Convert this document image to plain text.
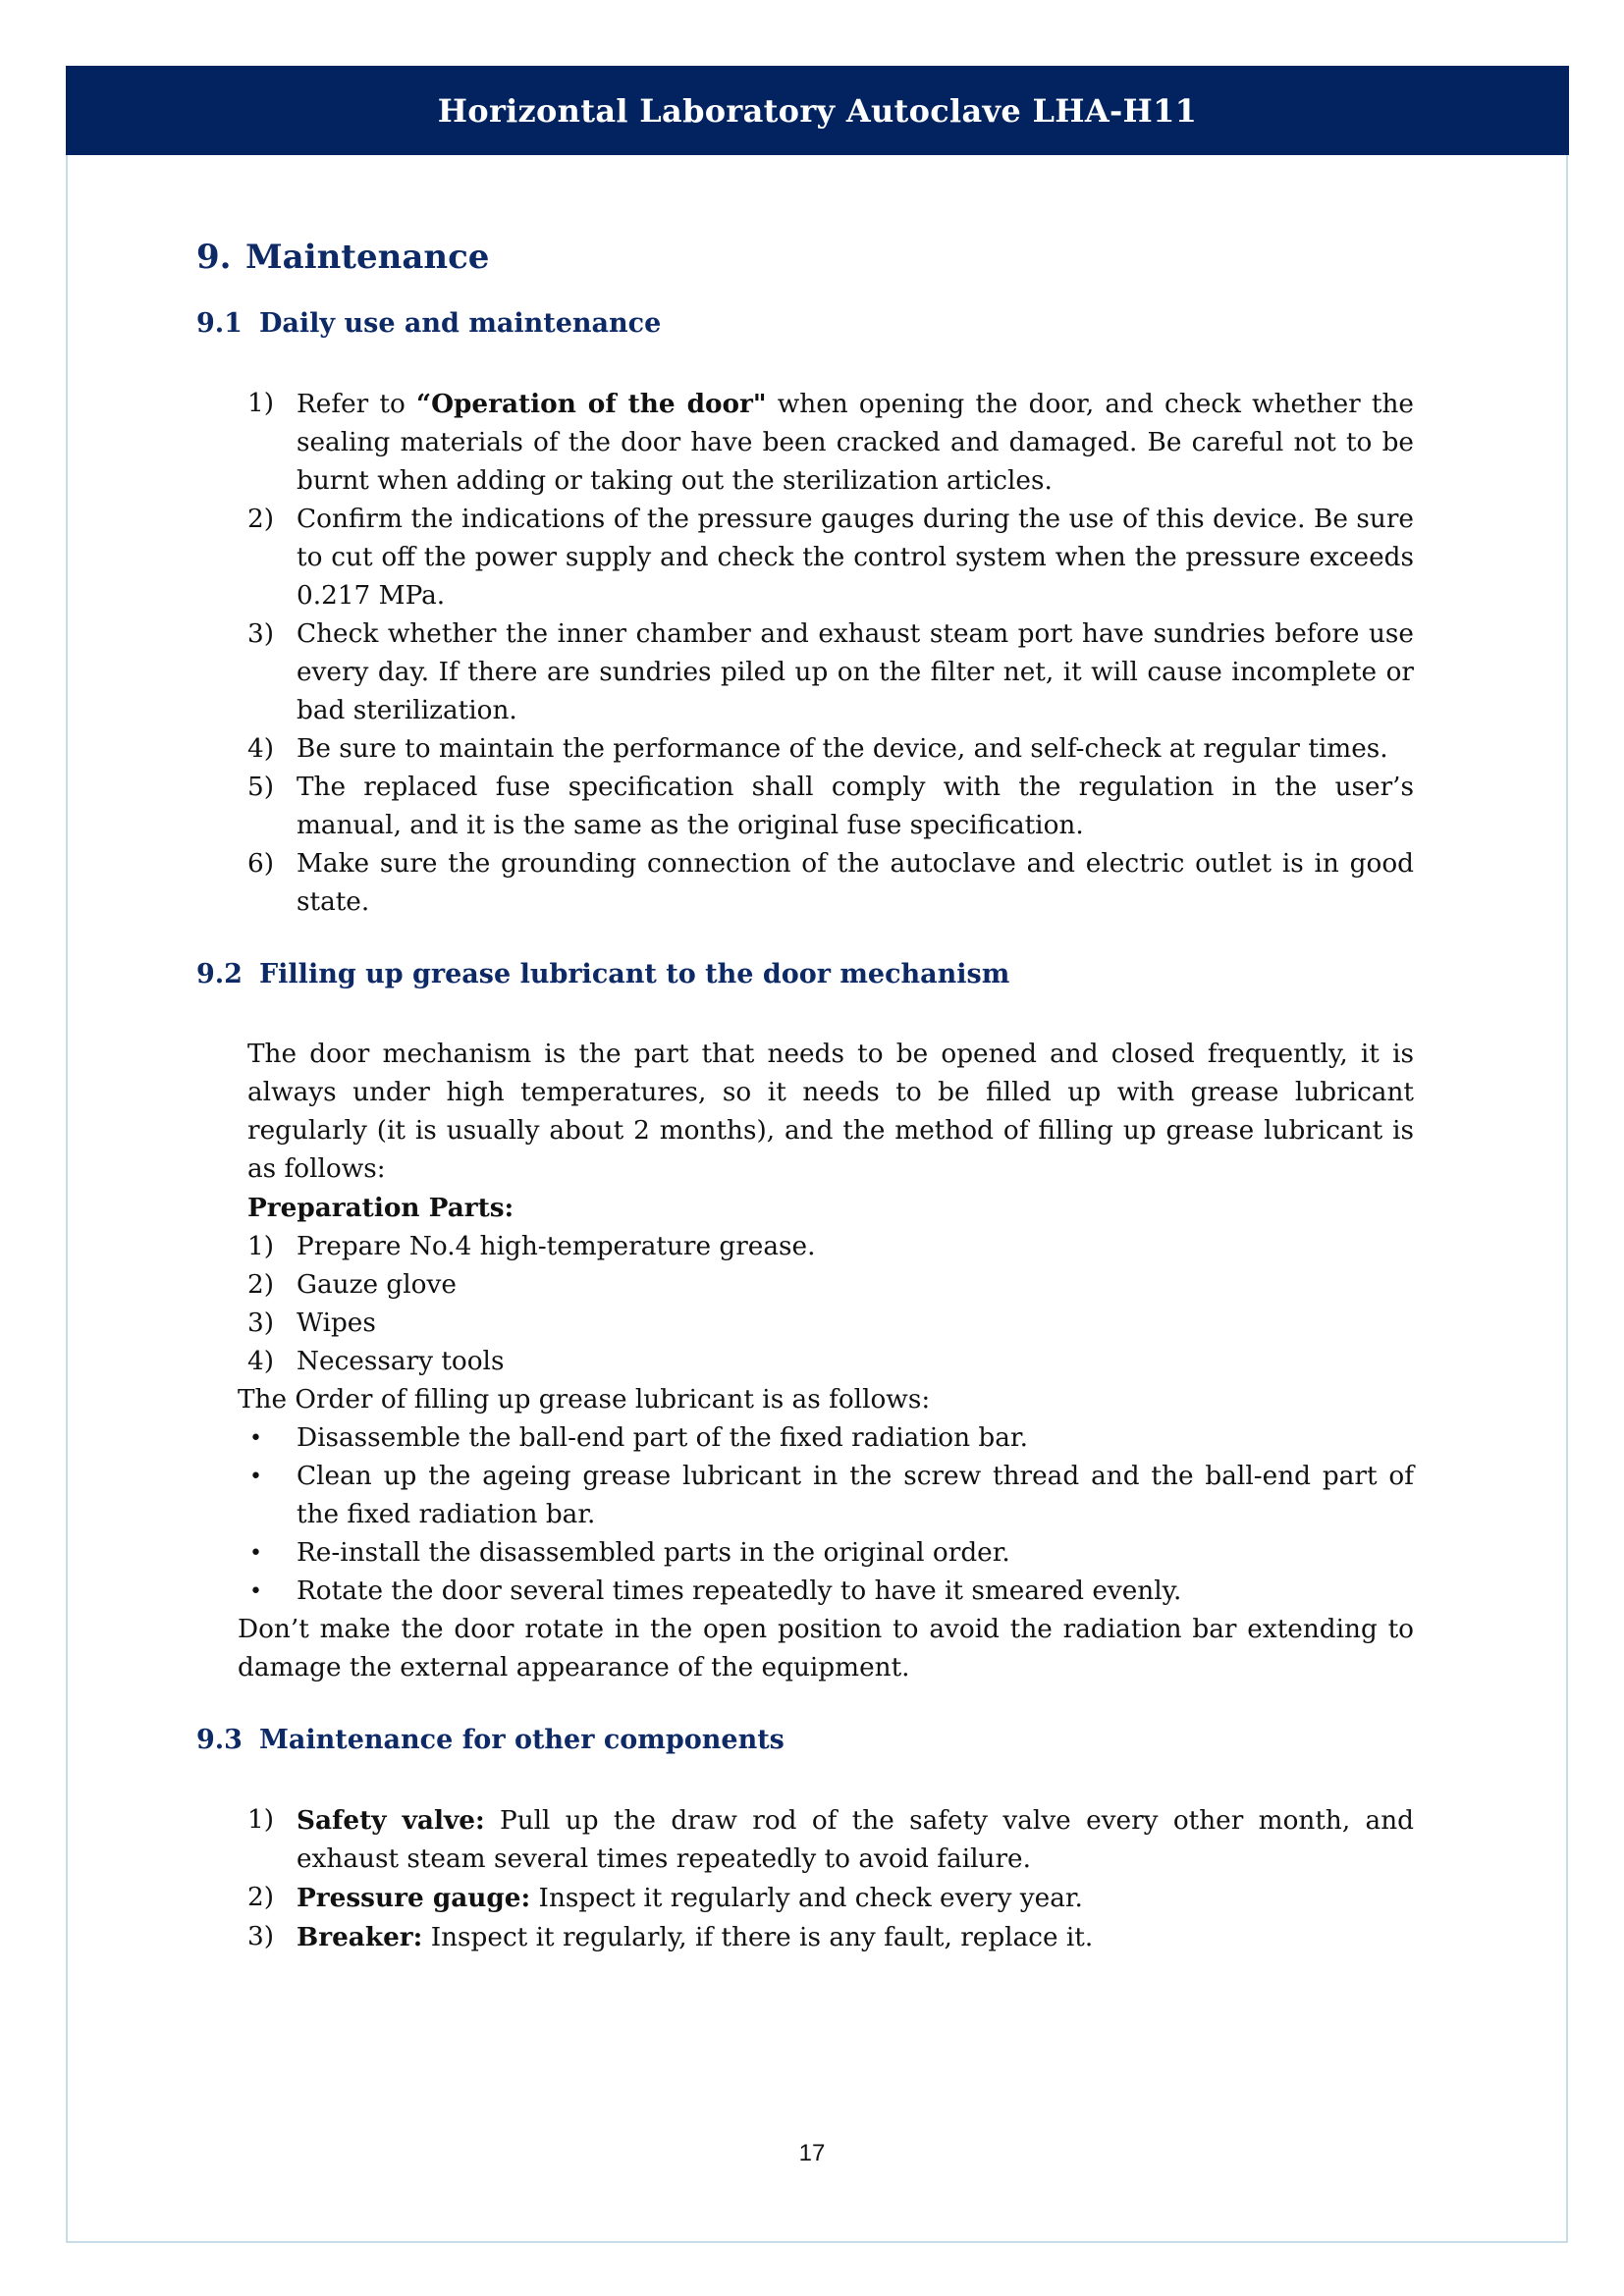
Horizontal Laboratory Autoclave LHA-H11
9. Maintenance
9.1 Daily use and maintenance
1) Refer to “Operation of the door" when opening the door, and check whether the sealing materials of the door have been cracked and damaged. Be careful not to be burnt when adding or taking out the sterilization articles.
2) Confirm the indications of the pressure gauges during the use of this device. Be sure to cut off the power supply and check the control system when the pressure exceeds 0.217 MPa.
3) Check whether the inner chamber and exhaust steam port have sundries before use every day. If there are sundries piled up on the filter net, it will cause incomplete or bad sterilization.
4) Be sure to maintain the performance of the device, and self-check at regular times.
5) The replaced fuse specification shall comply with the regulation in the user’s manual, and it is the same as the original fuse specification.
6) Make sure the grounding connection of the autoclave and electric outlet is in good state.
9.2 Filling up grease lubricant to the door mechanism
The door mechanism is the part that needs to be opened and closed frequently, it is always under high temperatures, so it needs to be filled up with grease lubricant regularly (it is usually about 2 months), and the method of filling up grease lubricant is as follows:
Preparation Parts:
1) Prepare No.4 high-temperature grease.
2) Gauze glove
3) Wipes
4) Necessary tools
The Order of filling up grease lubricant is as follows:
• Disassemble the ball-end part of the fixed radiation bar.
• Clean up the ageing grease lubricant in the screw thread and the ball-end part of the fixed radiation bar.
• Re-install the disassembled parts in the original order.
• Rotate the door several times repeatedly to have it smeared evenly.
Don’t make the door rotate in the open position to avoid the radiation bar extending to damage the external appearance of the equipment.
9.3 Maintenance for other components
1) Safety valve: Pull up the draw rod of the safety valve every other month, and exhaust steam several times repeatedly to avoid failure.
2) Pressure gauge: Inspect it regularly and check every year.
3) Breaker: Inspect it regularly, if there is any fault, replace it.
17
